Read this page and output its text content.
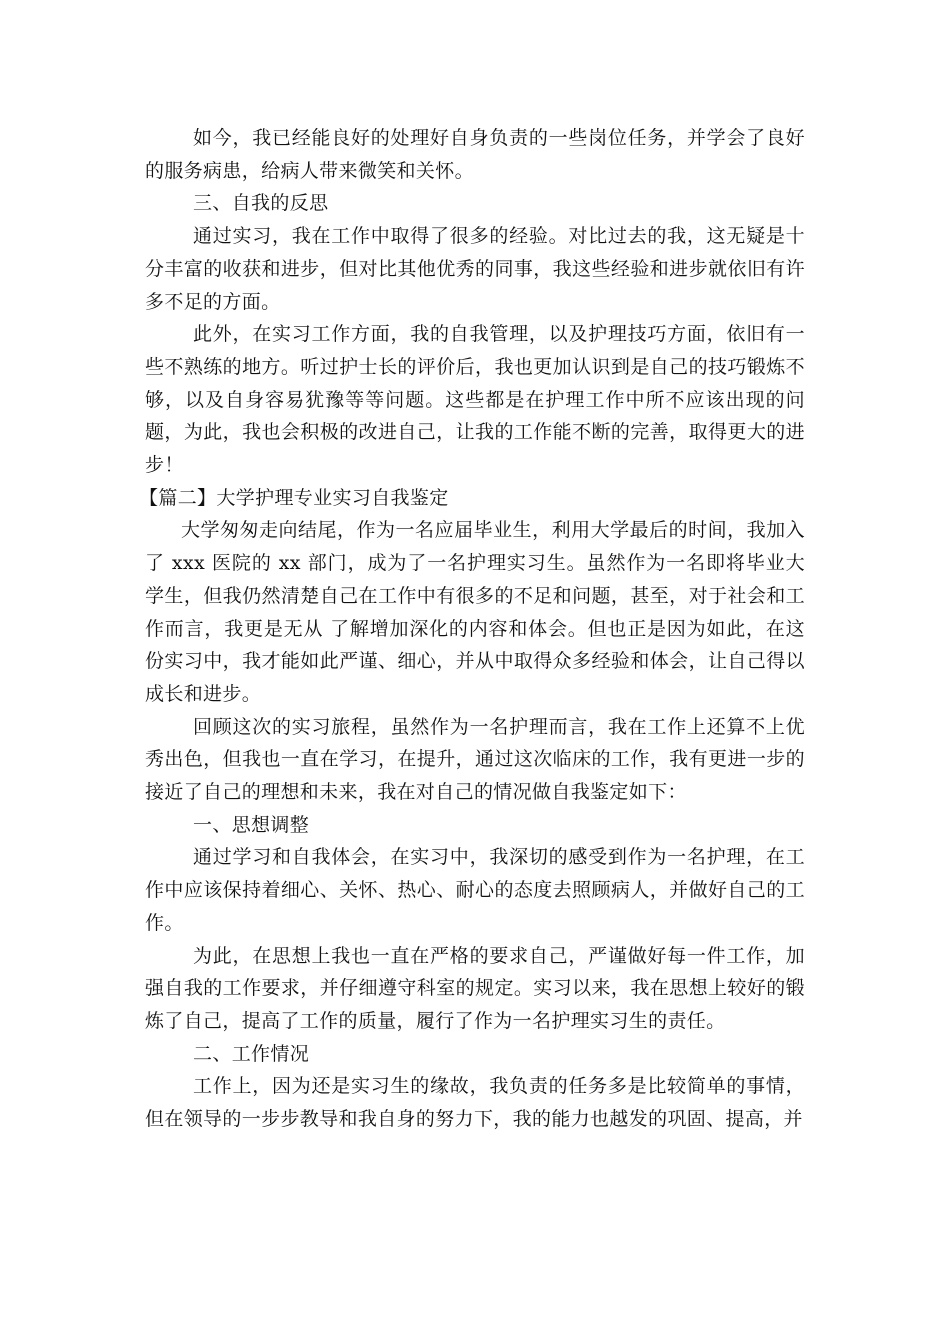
如今，我已经能良好的处理好自身负责的一些岗位任务，并学会了良好的服务病患，给病人带来微笑和关怀。

三、自我的反思

通过实习，我在工作中取得了很多的经验。对比过去的我，这无疑是十分丰富的收获和进步，但对比其他优秀的同事，我这些经验和进步就依旧有许多不足的方面。

此外，在实习工作方面，我的自我管理，以及护理技巧方面，依旧有一些不熟练的地方。听过护士长的评价后，我也更加认识到是自己的技巧锻炼不够，以及自身容易犹豫等等问题。这些都是在护理工作中所不应该出现的问题，为此，我也会积极的改进自己，让我的工作能不断的完善，取得更大的进步！

【篇二】大学护理专业实习自我鉴定

大学匆匆走向结尾，作为一名应届毕业生，利用大学最后的时间，我加入了 xxx 医院的 xx 部门，成为了一名护理实习生。虽然作为一名即将毕业大学生，但我仍然清楚自己在工作中有很多的不足和问题，甚至，对于社会和工作而言，我更是无从 了解增加深化的内容和体会。但也正是因为如此，在这份实习中，我才能如此严谨、细心，并从中取得众多经验和体会，让自己得以成长和进步。

回顾这次的实习旅程，虽然作为一名护理而言，我在工作上还算不上优秀出色，但我也一直在学习，在提升，通过这次临床的工作，我有更进一步的接近了自己的理想和未来，我在对自己的情况做自我鉴定如下：

一、思想调整

通过学习和自我体会，在实习中，我深切的感受到作为一名护理，在工作中应该保持着细心、关怀、热心、耐心的态度去照顾病人，并做好自己的工作。

为此，在思想上我也一直在严格的要求自己，严谨做好每一件工作，加强自我的工作要求，并仔细遵守科室的规定。实习以来，我在思想上较好的锻炼了自己，提高了工作的质量，履行了作为一名护理实习生的责任。

二、工作情况

工作上，因为还是实习生的缘故，我负责的任务多是比较简单的事情，但在领导的一步步教导和我自身的努力下，我的能力也越发的巩固、提高，并
